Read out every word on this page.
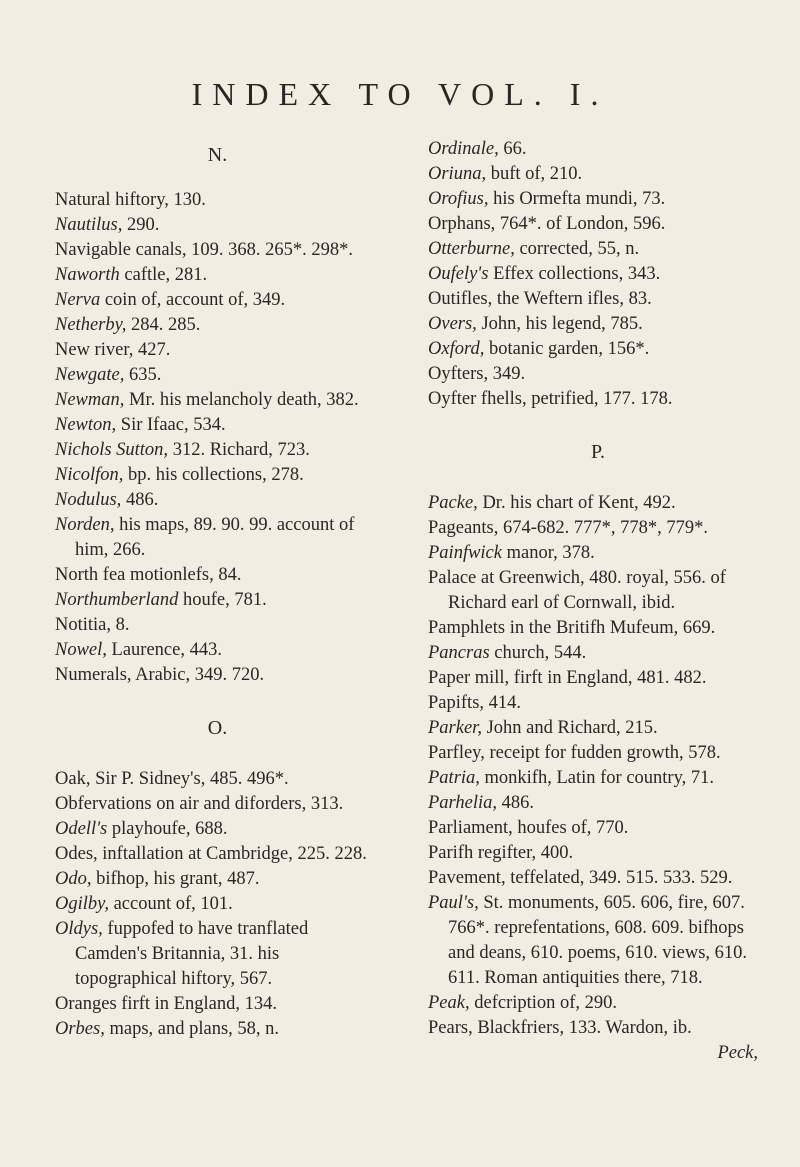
INDEX TO VOL. I.
N.
Natural hiftory, 130.
Nautilus, 290.
Navigable canals, 109. 368. 265*. 298*.
Naworth caftle, 281.
Nerva coin of, account of, 349.
Netherby, 284. 285.
New river, 427.
Newgate, 635.
Newman, Mr. his melancholy death, 382.
Newton, Sir Ifaac, 534.
Nichols Sutton, 312. Richard, 723.
Nicolfon, bp. his collections, 278.
Nodulus, 486.
Norden, his maps, 89. 90. 99. account of him, 266.
North fea motionlefs, 84.
Northumberland houfe, 781.
Notitia, 8.
Nowel, Laurence, 443.
Numerals, Arabic, 349. 720.
O.
Oak, Sir P. Sidney's, 485. 496*.
Obfervations on air and diforders, 313.
Odell's playhoufe, 688.
Odes, inftallation at Cambridge, 225. 228.
Odo, bifhop, his grant, 487.
Ogilby, account of, 101.
Oldys, fuppofed to have tranflated Camden's Britannia, 31. his topographical hiftory, 567.
Oranges firft in England, 134.
Orbes, maps, and plans, 58, n.
Ordinale, 66.
Oriuna, buft of, 210.
Orofius, his Ormefta mundi, 73.
Orphans, 764*. of London, 596.
Otterburne, corrected, 55, n.
Oufely's Effex collections, 343.
Outifles, the Weftern ifles, 83.
Overs, John, his legend, 785.
Oxford, botanic garden, 156*.
Oyfters, 349.
Oyfter fhells, petrified, 177. 178.
P.
Packe, Dr. his chart of Kent, 492.
Pageants, 674-682. 777*, 778*, 779*.
Painfwick manor, 378.
Palace at Greenwich, 480. royal, 556. of Richard earl of Cornwall, ibid.
Pamphlets in the Britifh Mufeum, 669.
Pancras church, 544.
Paper mill, firft in England, 481. 482.
Papifts, 414.
Parker, John and Richard, 215.
Parfley, receipt for fudden growth, 578.
Patria, monkifh, Latin for country, 71.
Parhelia, 486.
Parliament, houfes of, 770.
Parifh regifter, 400.
Pavement, teffelated, 349. 515. 533. 529.
Paul's, St. monuments, 605. 606, fire, 607. 766*. reprefentations, 608. 609. bifhops and deans, 610. poems, 610. views, 610. 611. Roman antiquities there, 718.
Peak, defcription of, 290.
Pears, Blackfriers, 133. Wardon, ib.
Peck,
